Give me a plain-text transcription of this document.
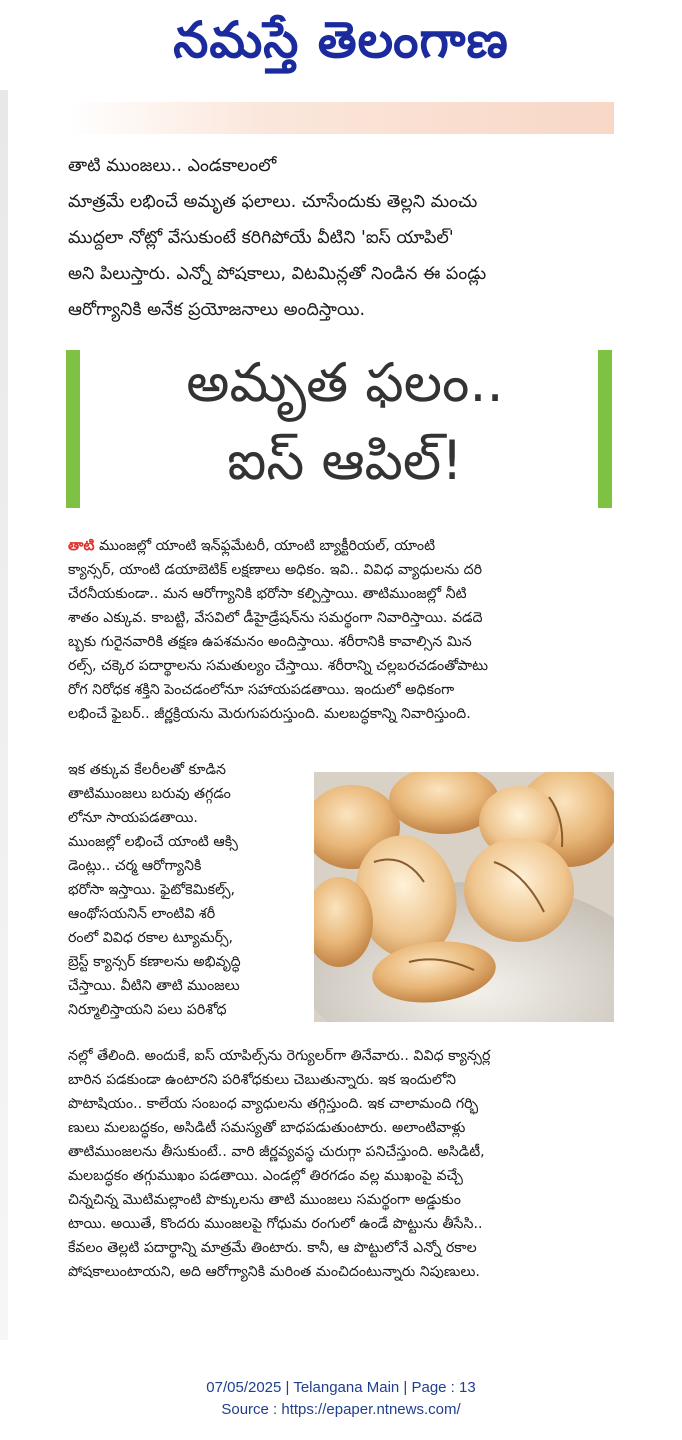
నమస్తే తెలంగాణ

తాటి ముంజలు.. ఎండకాలంలో

మాత్రమే లభించే అమృత ఫలాలు. చూసేందుకు తెల్లని మంచు

ముద్దలా నోట్లో వేసుకుంటే కరిగిపోయే వీటిని 'ఐస్ యాపిల్'

అని పిలుస్తారు. ఎన్నో పోషకాలు, విటమిన్లతో నిండిన ఈ పండ్లు

ఆరోగ్యానికి అనేక ప్రయోజనాలు అందిస్తాయి.

అమృత ఫలం..
ఐస్ ఆపిల్!

తాటి ముంజల్లో యాంటి ఇన్‌ఫ్లమేటరీ, యాంటి బ్యాక్టీరియల్, యాంటి

క్యాన్సర్, యాంటి డయాబెటిక్ లక్షణాలు అధికం. ఇవి.. వివిధ వ్యాధులను దరి

చేరనీయకుండా.. మన ఆరోగ్యానికి భరోసా కల్పిస్తాయి. తాటిముంజల్లో నీటి

శాతం ఎక్కువ. కాబట్టి, వేసవిలో డీహైడ్రేషన్‌ను సమర్థంగా నివారిస్తాయి. వడదె

బ్బకు గురైనవారికి తక్షణ ఉపశమనం అందిస్తాయి. శరీరానికి కావాల్సిన మిన

రల్స్, చక్కెర పదార్థాలను సమతుల్యం చేస్తాయి. శరీరాన్ని చల్లబరచడంతోపాటు

రోగ నిరోధక శక్తిని పెంచడంలోనూ సహాయపడతాయి. ఇందులో అధికంగా

లభించే ఫైబర్.. జీర్ణక్రియను మెరుగుపరుస్తుంది. మలబద్ధకాన్ని నివారిస్తుంది.

ఇక తక్కువ కేలరీలతో కూడిన

తాటిముంజలు బరువు తగ్గడం

లోనూ సాయపడతాయి.

ముంజల్లో లభించే యాంటి ఆక్సి

డెంట్లు.. చర్మ ఆరోగ్యానికి

భరోసా ఇస్తాయి. ఫైటోకెమికల్స్,

ఆంథోసయనిన్ లాంటివి శరీ

రంలో వివిధ రకాల ట్యూమర్స్,

బ్రెస్ట్ క్యాన్సర్ కణాలను అభివృద్ధి

చేస్తాయి. వీటిని తాటి ముంజలు

నిర్మూలిస్తాయని పలు పరిశోధ

నల్లో తేలింది. అందుకే, ఐస్ యాపిల్స్‌ను రెగ్యులర్‌గా తినేవారు.. వివిధ క్యాన్సర్ల

బారిన పడకుండా ఉంటారని పరిశోధకులు చెబుతున్నారు. ఇక ఇందులోని

పొటాషియం.. కాలేయ సంబంధ వ్యాధులను తగ్గిస్తుంది. ఇక చాలామంది గర్భి

ణులు మలబద్ధకం, అసిడిటీ సమస్యతో బాధపడుతుంటారు. అలాంటివాళ్లు

తాటిముంజలను తీసుకుంటే.. వారి జీర్ణవ్యవస్థ చురుగ్గా పనిచేస్తుంది. అసిడిటీ,

మలబద్ధకం తగ్గుముఖం పడతాయి. ఎండల్లో తిరగడం వల్ల ముఖంపై వచ్చే

చిన్నచిన్న మొటిమల్లాంటి పొక్కులను తాటి ముంజలు సమర్థంగా అడ్డుకుం

టాయి. అయితే, కొందరు ముంజలపై గోధుమ రంగులో ఉండే పొట్టును తీసేసి..

కేవలం తెల్లటి పదార్థాన్ని మాత్రమే తింటారు. కానీ, ఆ పొట్టులోనే ఎన్నో రకాల

పోషకాలుంటాయని, అది ఆరోగ్యానికి మరింత మంచిదంటున్నారు నిపుణులు.

07/05/2025 | Telangana Main | Page : 13
Source : https://epaper.ntnews.com/
